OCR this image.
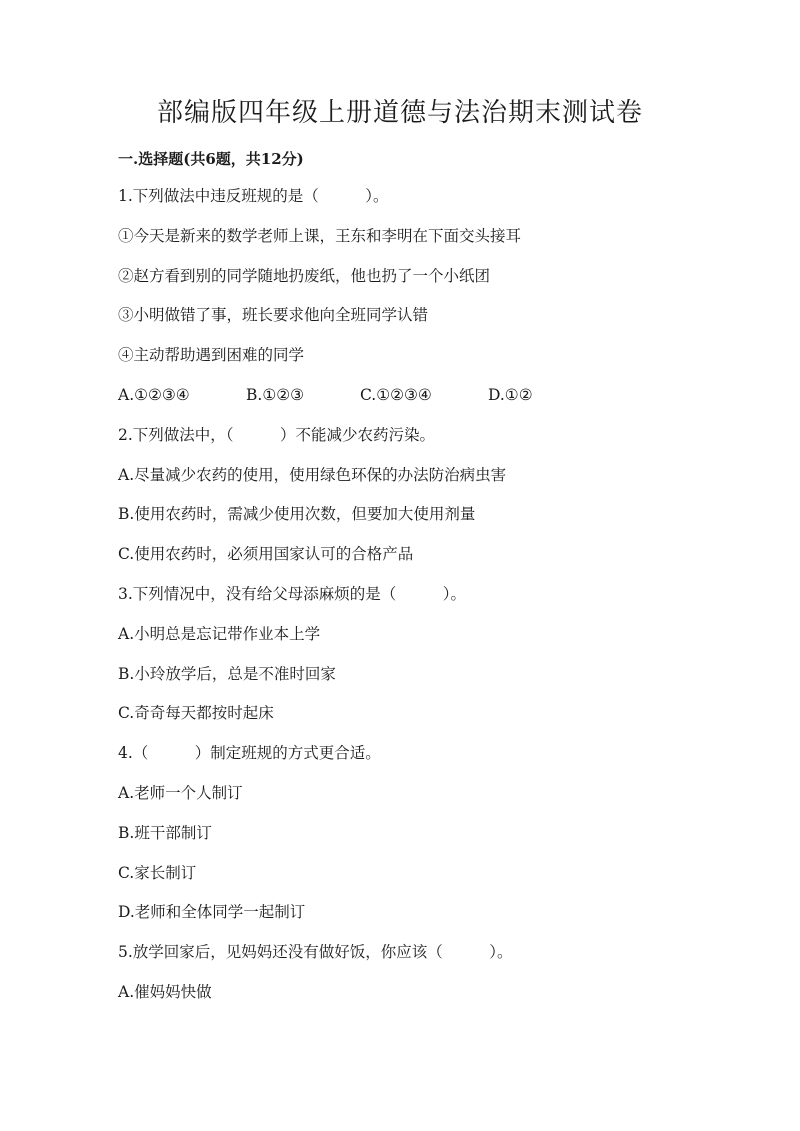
部编版四年级上册道德与法治期末测试卷
一.选择题(共6题，共12分)
1.下列做法中违反班规的是（　　　）。
①今天是新来的数学老师上课，王东和李明在下面交头接耳
②赵方看到别的同学随地扔废纸，他也扔了一个小纸团
③小明做错了事，班长要求他向全班同学认错
④主动帮助遇到困难的同学
A.①②③④	B.①②③	C.①②③④	D.①②
2.下列做法中，（　　　）不能减少农药污染。
A.尽量减少农药的使用，使用绿色环保的办法防治病虫害
B.使用农药时，需减少使用次数，但要加大使用剂量
C.使用农药时，必须用国家认可的合格产品
3.下列情况中，没有给父母添麻烦的是（　　　）。
A.小明总是忘记带作业本上学
B.小玲放学后，总是不准时回家
C.奇奇每天都按时起床
4.（　　　）制定班规的方式更合适。
A.老师一个人制订
B.班干部制订
C.家长制订
D.老师和全体同学一起制订
5.放学回家后，见妈妈还没有做好饭，你应该（　　　）。
A.催妈妈快做
